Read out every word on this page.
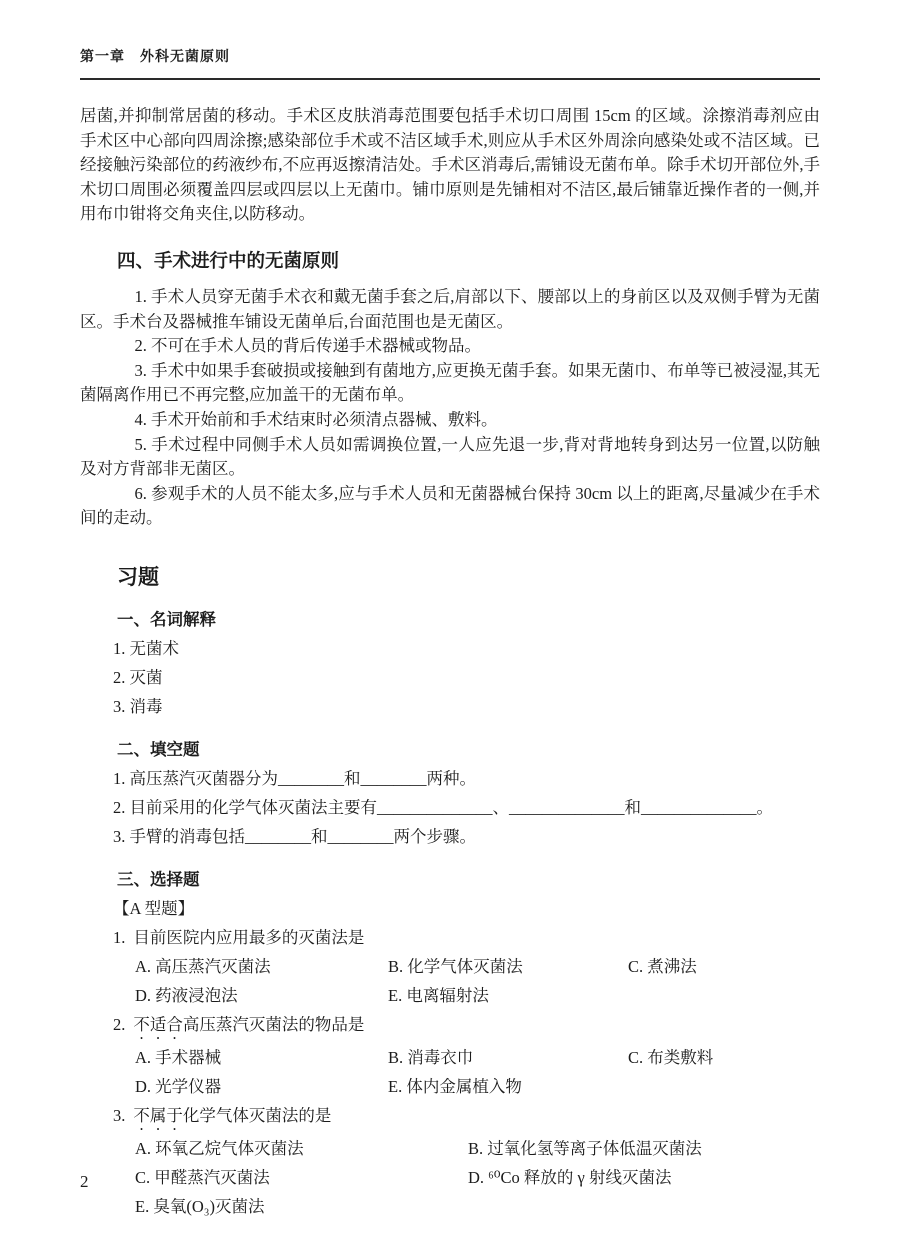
第一章　外科无菌原则

居菌,并抑制常居菌的移动。手术区皮肤消毒范围要包括手术切口周围 15cm 的区域。涂擦消毒剂应由手术区中心部向四周涂擦;感染部位手术或不洁区域手术,则应从手术区外周涂向感染处或不洁区域。已经接触污染部位的药液纱布,不应再返擦清洁处。手术区消毒后,需铺设无菌布单。除手术切开部位外,手术切口周围必须覆盖四层或四层以上无菌巾。铺巾原则是先铺相对不洁区,最后铺靠近操作者的一侧,并用布巾钳将交角夹住,以防移动。

四、手术进行中的无菌原则

1. 手术人员穿无菌手术衣和戴无菌手套之后,肩部以下、腰部以上的身前区以及双侧手臂为无菌区。手术台及器械推车铺设无菌单后,台面范围也是无菌区。

2. 不可在手术人员的背后传递手术器械或物品。

3. 手术中如果手套破损或接触到有菌地方,应更换无菌手套。如果无菌巾、布单等已被浸湿,其无菌隔离作用已不再完整,应加盖干的无菌布单。

4. 手术开始前和手术结束时必须清点器械、敷料。

5. 手术过程中同侧手术人员如需调换位置,一人应先退一步,背对背地转身到达另一位置,以防触及对方背部非无菌区。

6. 参观手术的人员不能太多,应与手术人员和无菌器械台保持 30cm 以上的距离,尽量减少在手术间的走动。

习题
一、名词解释

1. 无菌术

2. 灭菌

3. 消毒

二、填空题

1. 高压蒸汽灭菌器分为________和________两种。

2. 目前采用的化学气体灭菌法主要有______________、______________和______________。

3. 手臂的消毒包括________和________两个步骤。

三、选择题

【A 型题】

1. 目前医院内应用最多的灭菌法是

A. 高压蒸汽灭菌法	B. 化学气体灭菌法	C. 煮沸法
D. 药液浸泡法	E. 电离辐射法

2. 不适合高压蒸汽灭菌法的物品是

A. 手术器械	B. 消毒衣巾	C. 布类敷料
D. 光学仪器	E. 体内金属植入物

3. 不属于化学气体灭菌法的是

A. 环氧乙烷气体灭菌法	B. 过氧化氢等离子体低温灭菌法
C. 甲醛蒸汽灭菌法	D. ⁶⁰Co 释放的 γ 射线灭菌法
E. 臭氧(O₃)灭菌法
2
